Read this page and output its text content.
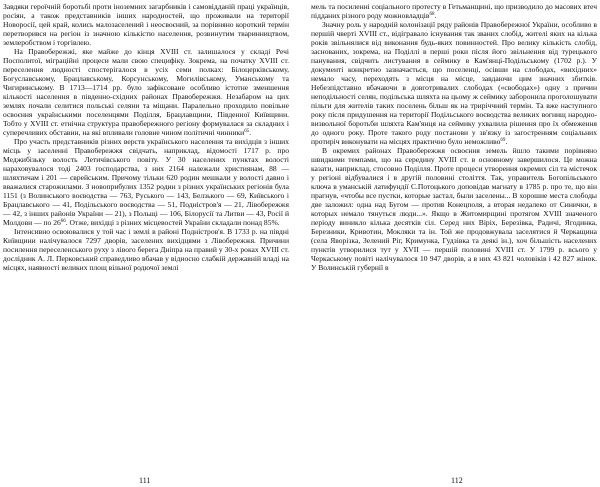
Завдяки героїчній боротьбі проти іноземних загарбників і самовідданій праці українців, росіян, а також представників інших народностей, що проживали на території Новоросії, цей край, колись малозаселений і неосвоєний, за порівняно короткий термін перетворився на регіон із значною кількістю населення, розвинутим тваринництвом, землеробством і торгівлею.

На Правобережжі, яке майже до кінця XVIII ст. залишалося у складі Речі Посполитої, міграційні процеси мали свою специфіку. Зокрема, на початку XVIII ст. переселення людності спостерігалося в усіх семи полках: Білоцерківському, Богуславському, Брацлавському, Корсунському, Могилівському, Уманському та Чигиринському. В 1713—1714 рр. було зафіксоване особливо істотне зменшення кількості населення в південно-східних районах Правобережжя. Незабаром на цих землях почали селитися польські селяни та міщани. Паралельно проходило повільне освоєння українськими поселенцями Поділля, Брацлавщини, Південної Київщини. Тобто у XVIII ст. етнічна структура правобережного регіону формувалася за складних і суперечливих обставин, на які впливали головне чином політичні чинники$^{65}$.

Про участь представників різних верств українського населення та вихідців з інших місць у заселенні Правобережжя свідчать, наприклад, відомості 1717 р. про Меджибізьку волость Летичівського повіту. У 30 населених пунктах волості нараховувалося тоді 2403 господарства, з них 2164 належали християнам, 88 — шляхтичам і 201 — єврейським. Причому тільки 620 родин мешкали у волості давно і вважалися старожилами. З новоприбулих 1352 родин з різних українських регіонів була 1151 (з Волинського воєводства — 763, Руського — 143, Белзького — 69, Київського і Брацлавського — 41, Подільського воєводства — 51, Подністров'я — 21, Лівобережжя — 42, з інших районів України — 21), з Польщі — 106, Білорусії та Литви — 43, Росії й Молдови — по $26^{66}$. Отже, вихідці з різних місцевостей України складали понад 85%.

Інтенсивно освоювалися у той час і землі в районі Подністров'я. В 1733 р. на півдні Київщини налічувалося 7297 дворів, заселених вихідцями з Лівобережжя. Причини посилення переселенського руху з лівого берега Дніпра на правий у 30-х роках XVIII ст. дослідник А. Л. Перковський справедливо вбачав у відносно слабкій державній владі на місцях, наявності великих площ вільної родючої землі

111

мель та посиленні соціального протесту в Гетьманщині, що призводило до масових втеч підданих різного роду можновладців$^{68}$.

Значну роль у народній колонізації ряду районів Правобережної України, особливо в першій чверті XVIII ст., відігравало існування так званих слобід, жителі яких на кілька років звільнялися від виконання будь-яких повинностей. Про велику кількість слобід, заснованих, зокрема, на Поділлі в перші роки після його звільнення від турецького панування, свідчить листування в сеймику в Кам'янці-Подільському (1702 р.). У документі конкретно зазначається, що поселенці, осівши на слободах, «вихідних» немало часу, переходять з місця на місце, завдаючи цим значних збитків. Небезпідставно вбачаючи в довготривалих слободах («свободах») одну з причин неподільності селян, подільська шляхта на цьому ж сеймику заборонила проголошувати пільги для жителів таких поселень більш як на триріччний термін. Та вже наступного року після придушення на території Подільського воєводства великих вогнищ народно-визвольної боротьби шляхта Кам'янця на сеймику ухвалила рішення про їх обмеження до одного року. Проте такого роду постанови у зв'язку із загостренням соціальних протиріч виконувати на місцях практично було неможливо$^{69}$.

В окремих районах Правобережжя освоєння земель йшло такими порівняно швидкими темпами, що на середину XVIII ст. в основному завершилося. Це можна казати, наприклад, стосовно Поділля. Проте процеси утворення окремих сіл та містечок у регіоні відбувалися і в другій половині століття. Так, управитель Богопільського ключа в уманській латифундії С.Потоцького доповідав магнату в 1785 р. про те, що він прагнув, «чтобы все пустки, которые застал, были заселены... В хорошие места слободы две заложил: одна над Бугом — против Конецполя, а вторая недалеко от Синички, в которых немало тянуться люди...». Якщо в Житомирщині протягом XVIII значеного періоду виникло кілька десятків сіл. Серед них Віріх, Березівка, Радичі, Ягодинка, Березники, Кривотин, Мокляки та ін. Той же продовжувала заселятися й Черкащина (села Яворізка, Зелений Ріг, Кримунка, Гудзівка та деякі ін.), хоч більшість населених пунктів утворилися тут у XVII — першій половині XVIII ст. У 1799 р. всього у Черкаському повіті налічувалося 10 947 дворів, а в них 43 821 чоловіків і 42 827 жінок. У Волинській губернії в

112
